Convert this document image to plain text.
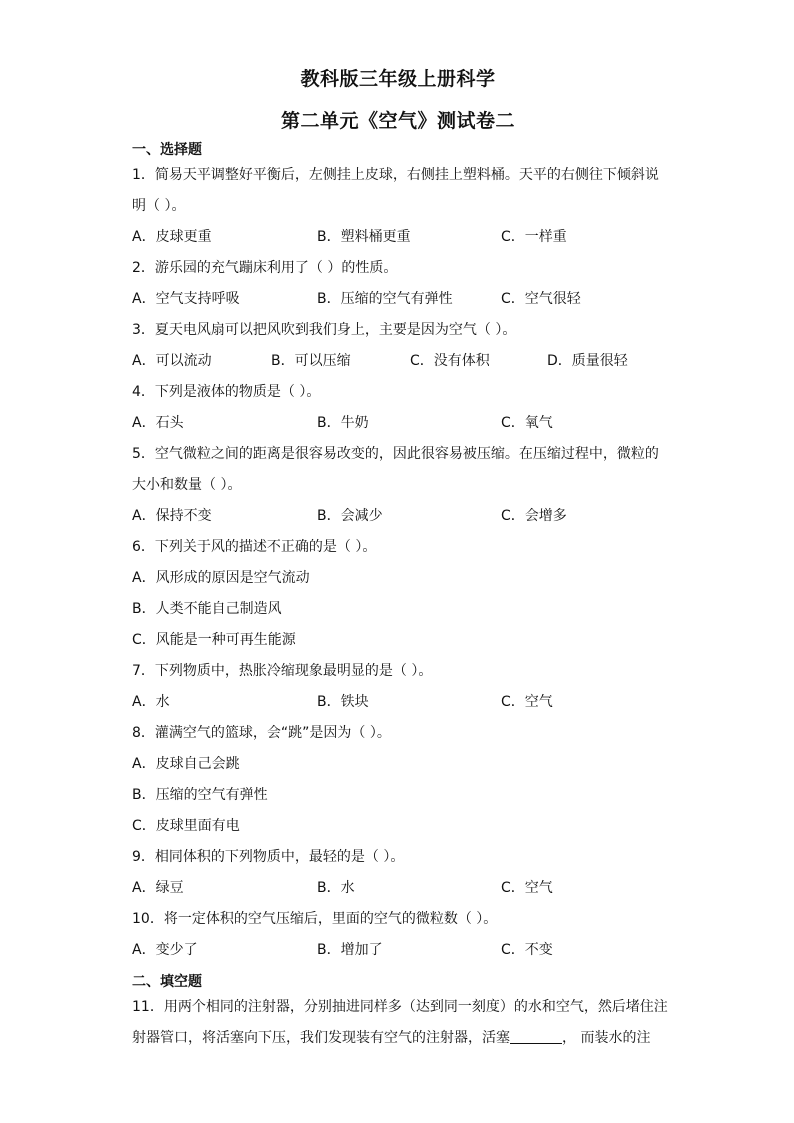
教科版三年级上册科学
第二单元《空气》测试卷二
一、选择题
1．简易天平调整好平衡后，左侧挂上皮球，右侧挂上塑料桶。天平的右侧往下倾斜说
明（ ）。
A．皮球更重	B．塑料桶更重	C．一样重
2．游乐园的充气蹦床利用了（ ）的性质。
A．空气支持呼吸	B．压缩的空气有弹性	C．空气很轻
3．夏天电风扇可以把风吹到我们身上，主要是因为空气（ ）。
A．可以流动	B．可以压缩	C．没有体积	D．质量很轻
4．下列是液体的物质是（ ）。
A．石头	B．牛奶	C．氧气
5．空气微粒之间的距离是很容易改变的，因此很容易被压缩。在压缩过程中，微粒的
大小和数量（ ）。
A．保持不变	B．会减少	C．会增多
6．下列关于风的描述不正确的是（ ）。
A．风形成的原因是空气流动
B．人类不能自己制造风
C．风能是一种可再生能源
7．下列物质中，热胀冷缩现象最明显的是（ ）。
A．水	B．铁块	C．空气
8．灌满空气的篮球，会“跳”是因为（ ）。
A．皮球自己会跳
B．压缩的空气有弹性
C．皮球里面有电
9．相同体积的下列物质中，最轻的是（ ）。
A．绿豆	B．水	C．空气
10．将一定体积的空气压缩后，里面的空气的微粒数（ ）。
A．变少了	B．增加了	C．不变
二、填空题
11．用两个相同的注射器，分别抽进同样多（达到同一刻度）的水和空气，然后堵住注
射器管口，将活塞向下压，我们发现装有空气的注射器，活塞	， 而装水的注
